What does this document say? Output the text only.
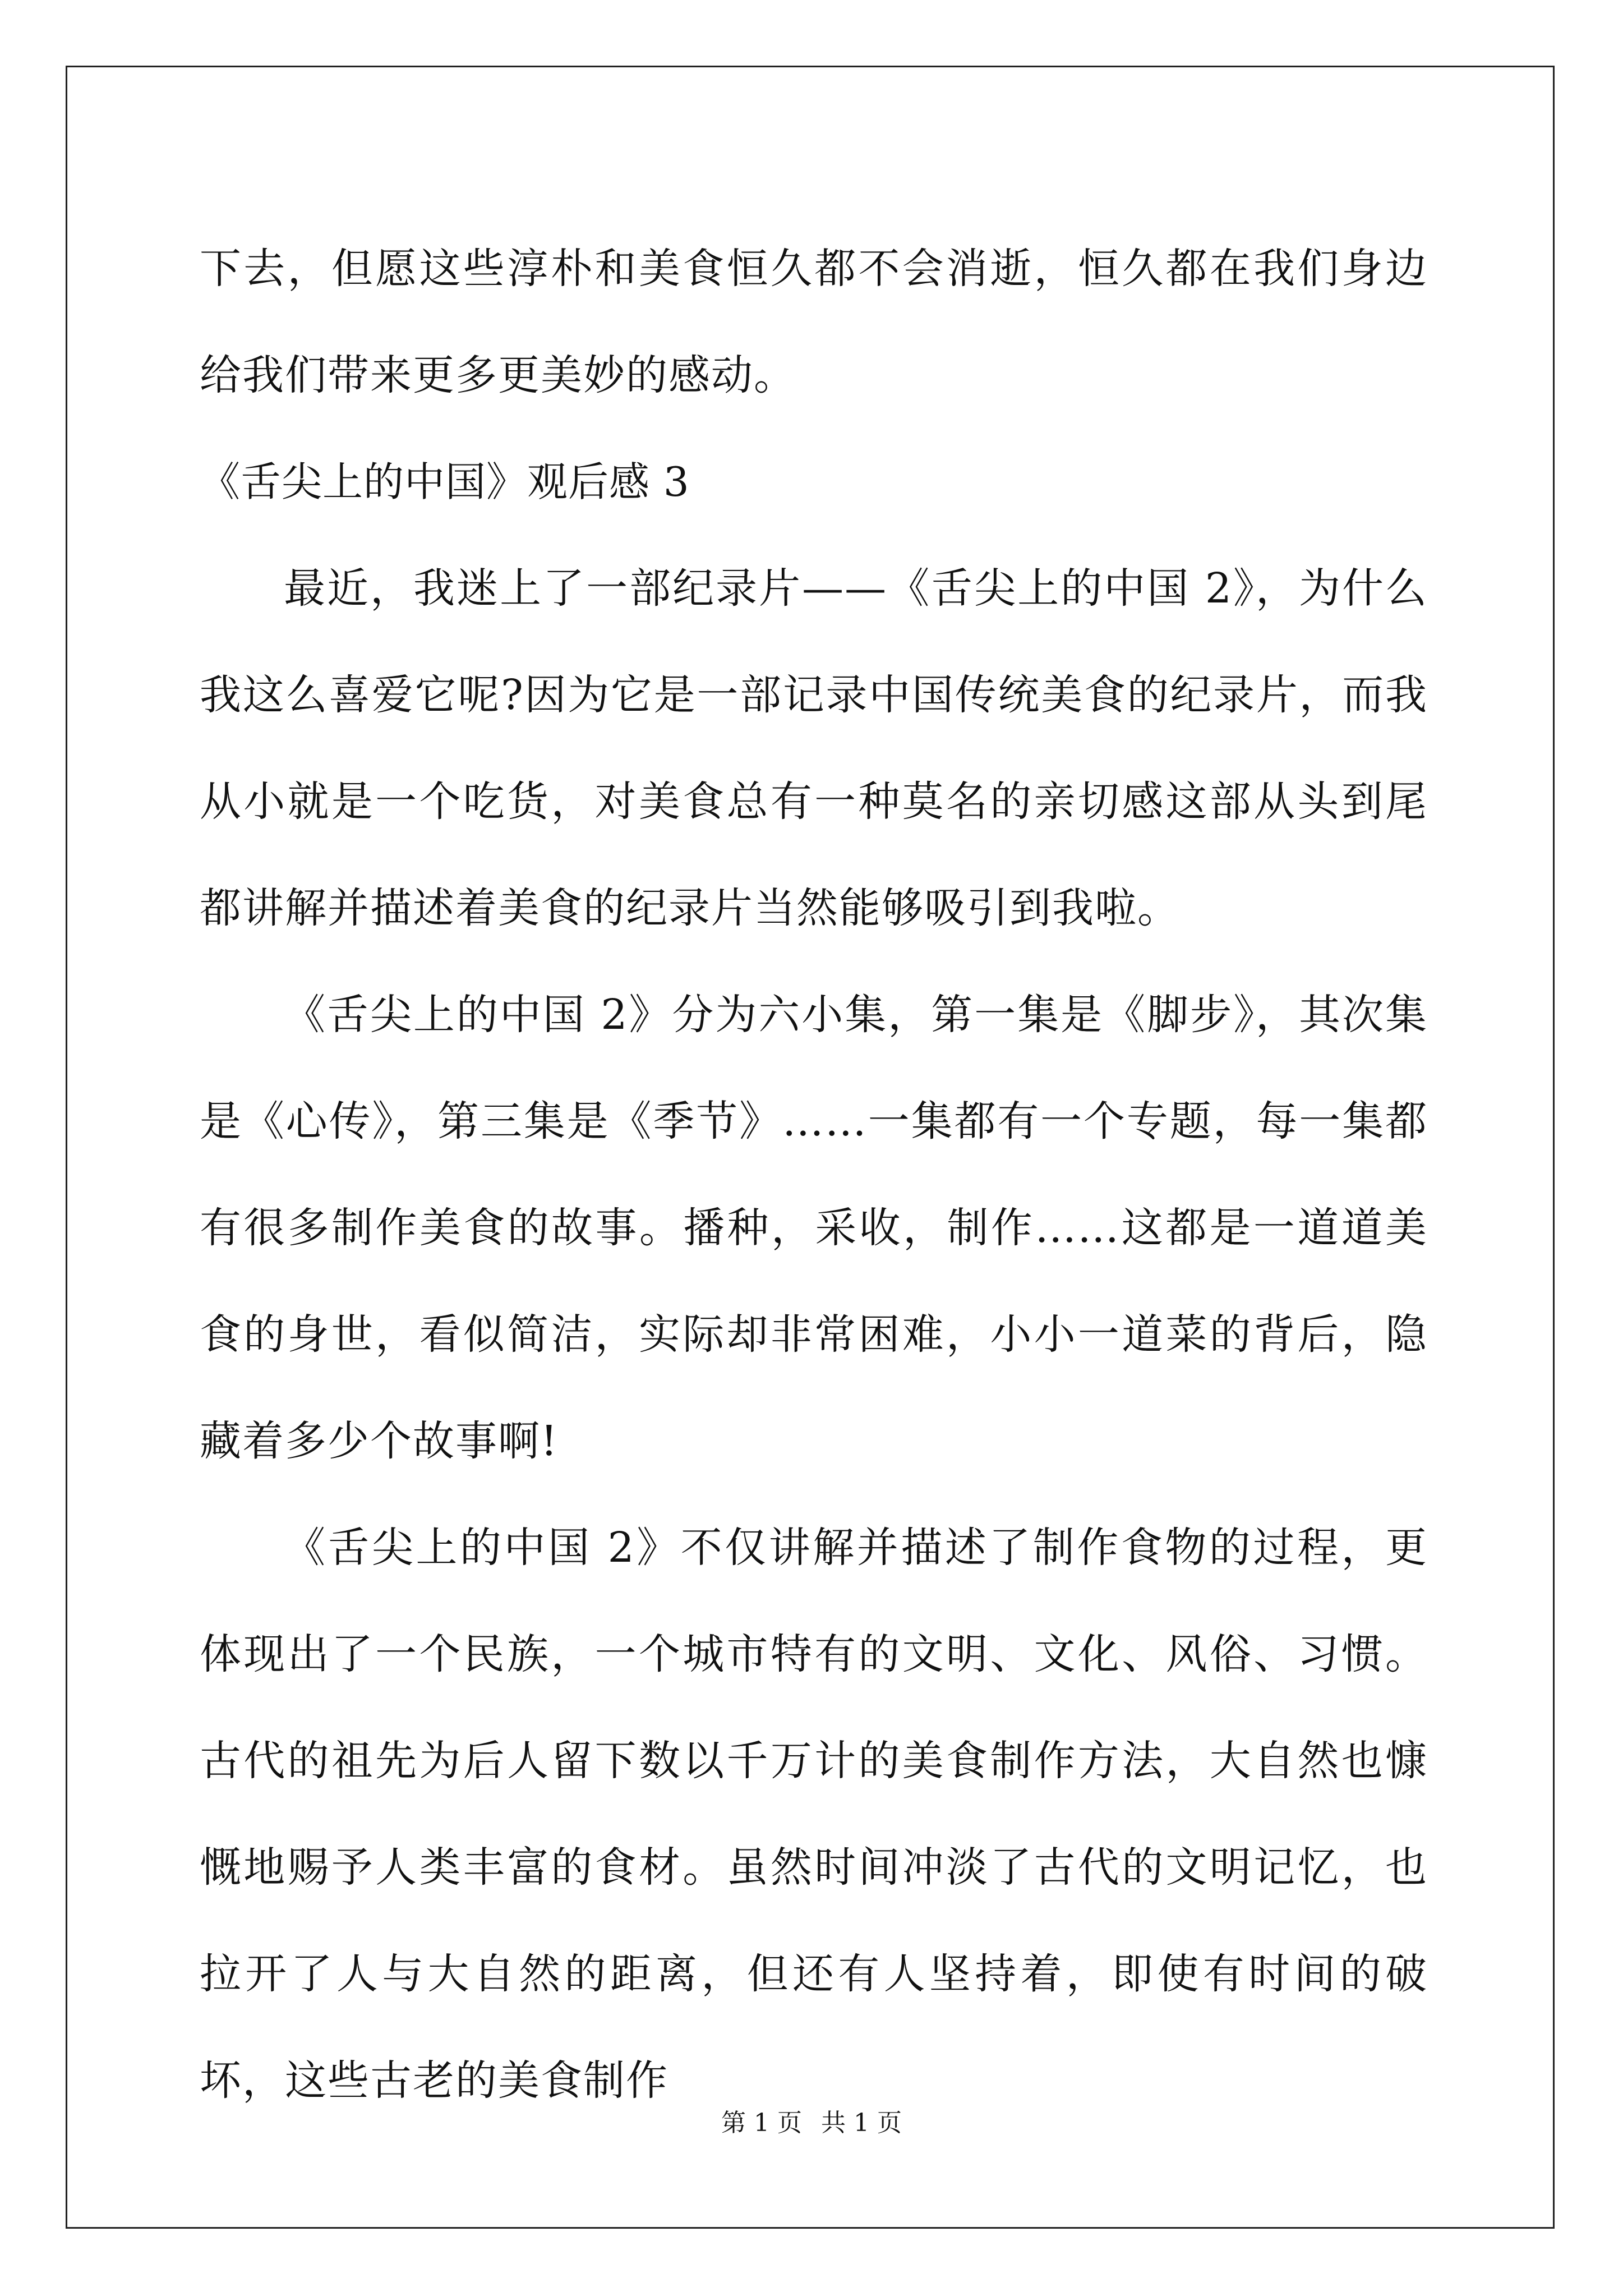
下去，但愿这些淳朴和美食恒久都不会消逝，恒久都在我们身边给我们带来更多更美妙的感动。

《舌尖上的中国》观后感 3

最近，我迷上了一部纪录片——《舌尖上的中国 2》，为什么我这么喜爱它呢?因为它是一部记录中国传统美食的纪录片，而我从小就是一个吃货，对美食总有一种莫名的亲切感这部从头到尾都讲解并描述着美食的纪录片当然能够吸引到我啦。

《舌尖上的中国 2》分为六小集，第一集是《脚步》，其次集是《心传》，第三集是《季节》……一集都有一个专题，每一集都有很多制作美食的故事。播种，采收，制作……这都是一道道美食的身世，看似简洁，实际却非常困难，小小一道菜的背后，隐藏着多少个故事啊!

《舌尖上的中国 2》不仅讲解并描述了制作食物的过程，更体现出了一个民族，一个城市特有的文明、文化、风俗、习惯。古代的祖先为后人留下数以千万计的美食制作方法，大自然也慷慨地赐予人类丰富的食材。虽然时间冲淡了古代的文明记忆，也拉开了人与大自然的距离，但还有人坚持着，即使有时间的破坏，这些古老的美食制作

第 1 页 共 1 页
